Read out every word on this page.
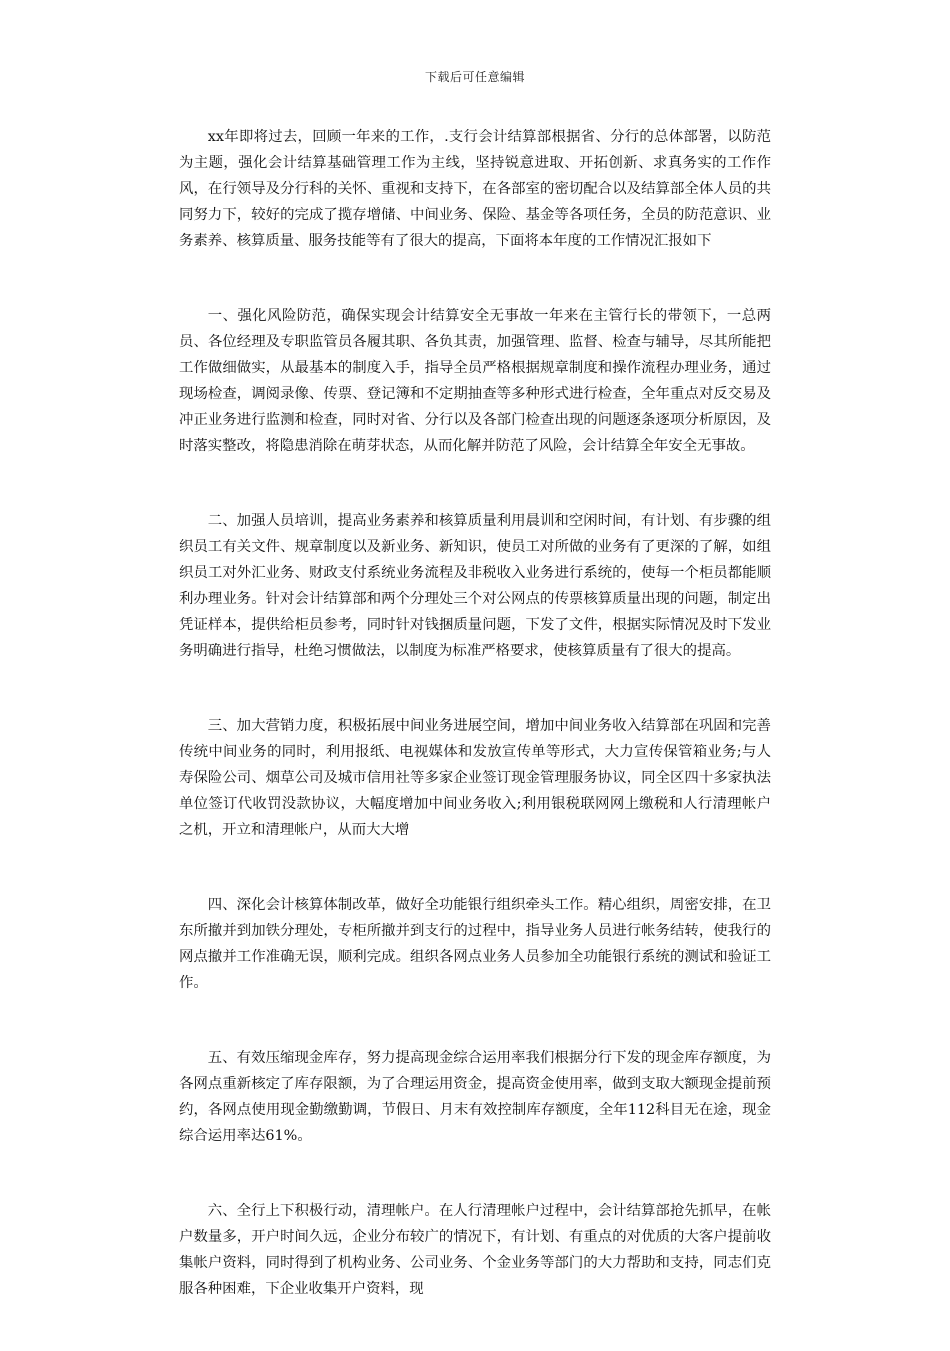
下载后可任意编辑

xx年即将过去，回顾一年来的工作，.支行会计结算部根据省、分行的总体部署，以防范为主题，强化会计结算基础管理工作为主线，坚持锐意进取、开拓创新、求真务实的工作作风，在行领导及分行科的关怀、重视和支持下，在各部室的密切配合以及结算部全体人员的共同努力下，较好的完成了揽存增储、中间业务、保险、基金等各项任务，全员的防范意识、业务素养、核算质量、服务技能等有了很大的提高，下面将本年度的工作情况汇报如下

一、强化风险防范，确保实现会计结算安全无事故一年来在主管行长的带领下，一总两员、各位经理及专职监管员各履其职、各负其责，加强管理、监督、检查与辅导，尽其所能把工作做细做实，从最基本的制度入手，指导全员严格根据规章制度和操作流程办理业务，通过现场检查，调阅录像、传票、登记簿和不定期抽查等多种形式进行检查，全年重点对反交易及冲正业务进行监测和检查，同时对省、分行以及各部门检查出现的问题逐条逐项分析原因，及时落实整改，将隐患消除在萌芽状态，从而化解并防范了风险，会计结算全年安全无事故。

二、加强人员培训，提高业务素养和核算质量利用晨训和空闲时间，有计划、有步骤的组织员工有关文件、规章制度以及新业务、新知识，使员工对所做的业务有了更深的了解，如组织员工对外汇业务、财政支付系统业务流程及非税收入业务进行系统的，使每一个柜员都能顺利办理业务。针对会计结算部和两个分理处三个对公网点的传票核算质量出现的问题，制定出凭证样本，提供给柜员参考，同时针对钱捆质量问题，下发了文件，根据实际情况及时下发业务明确进行指导，杜绝习惯做法，以制度为标准严格要求，使核算质量有了很大的提高。

三、加大营销力度，积极拓展中间业务进展空间，增加中间业务收入结算部在巩固和完善传统中间业务的同时，利用报纸、电视媒体和发放宣传单等形式，大力宣传保管箱业务;与人寿保险公司、烟草公司及城市信用社等多家企业签订现金管理服务协议，同全区四十多家执法单位签订代收罚没款协议，大幅度增加中间业务收入;利用银税联网网上缴税和人行清理帐户之机，开立和清理帐户，从而大大增

四、深化会计核算体制改革，做好全功能银行组织牵头工作。精心组织，周密安排，在卫东所撤并到加铁分理处，专柜所撤并到支行的过程中，指导业务人员进行帐务结转，使我行的网点撤并工作准确无误，顺利完成。组织各网点业务人员参加全功能银行系统的测试和验证工作。

五、有效压缩现金库存，努力提高现金综合运用率我们根据分行下发的现金库存额度，为各网点重新核定了库存限额，为了合理运用资金，提高资金使用率，做到支取大额现金提前预约，各网点使用现金勤缴勤调，节假日、月末有效控制库存额度，全年112科目无在途，现金综合运用率达61%。

六、全行上下积极行动，清理帐户。在人行清理帐户过程中，会计结算部抢先抓早，在帐户数量多，开户时间久远，企业分布较广的情况下，有计划、有重点的对优质的大客户提前收集帐户资料，同时得到了机构业务、公司业务、个金业务等部门的大力帮助和支持，同志们克服各种困难，下企业收集开户资料，现
